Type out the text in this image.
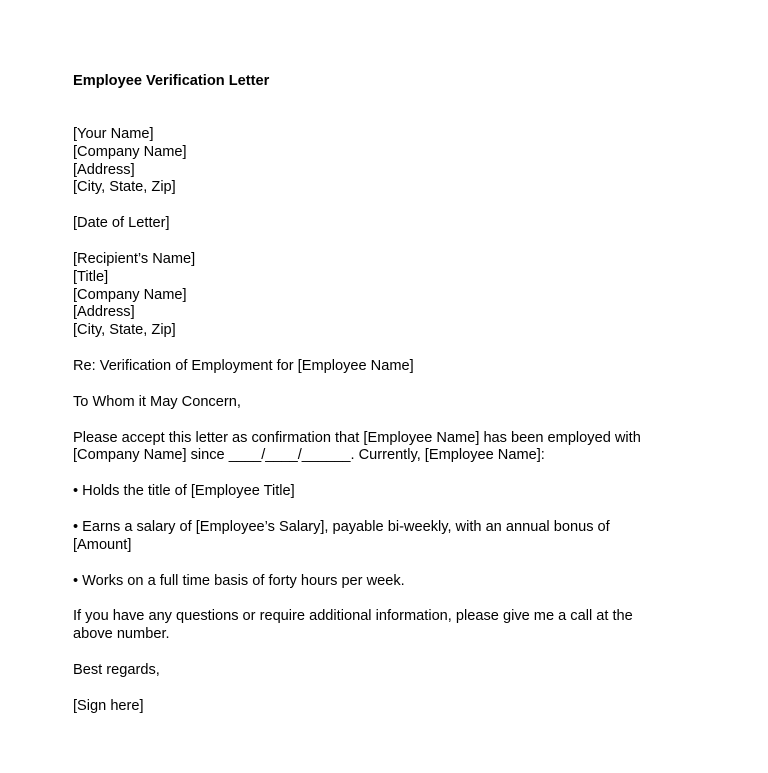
Employee Verification Letter

[Your Name]
[Company Name]
[Address]
[City, State, Zip]
[Date of Letter]
[Recipient’s Name]
[Title]
[Company Name]
[Address]
[City, State, Zip]
Re: Verification of Employment for [Employee Name]
To Whom it May Concern,
Please accept this letter as confirmation that [Employee Name] has been employed with
[Company Name] since ____/____/______. Currently, [Employee Name]:
• Holds the title of [Employee Title]
• Earns a salary of [Employee’s Salary], payable bi-weekly, with an annual bonus of
[Amount]
• Works on a full time basis of forty hours per week.
If you have any questions or require additional information, please give me a call at the
above number.
Best regards,
[Sign here]
